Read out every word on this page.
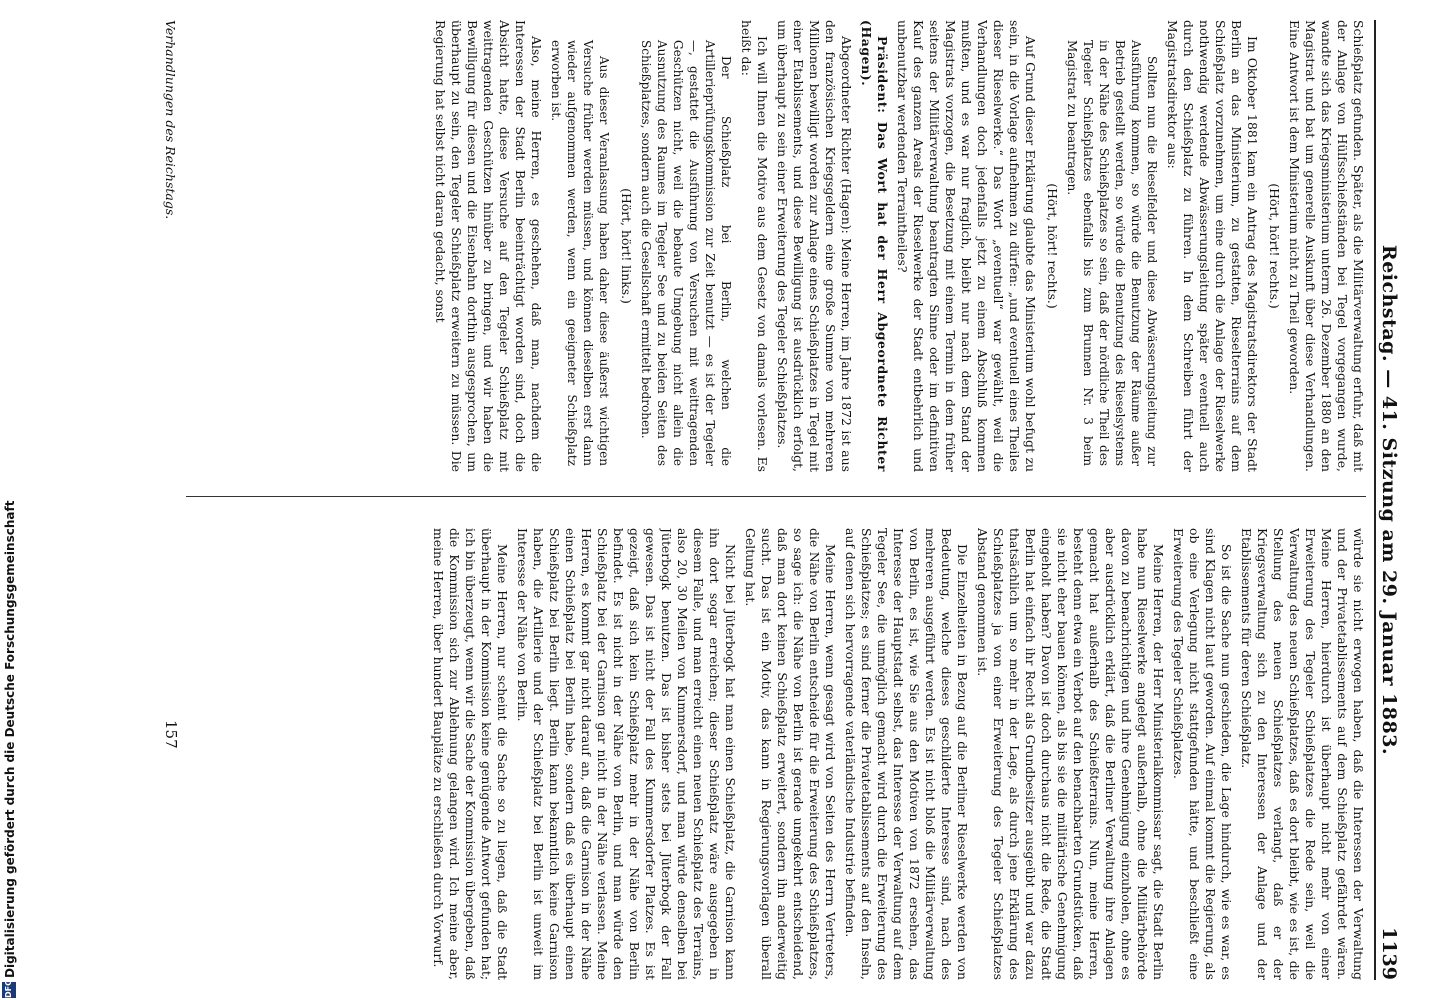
Reichstag. — 41. Sitzung am 29. Januar 1883.
1139

Schießplatz gefunden. Später, als die Militärverwaltung erfuhr, daß mit der Anlage von Hülfsschießständen bei Tegel vorgegangen wurde, wandte sich das Kriegsministerium unterm 26. Dezember 1880 an den Magistrat und bat um generelle Auskunft über diese Verhandlungen. Eine Antwort ist dem Ministerium nicht zu Theil geworden.

(Hört, hört! rechts.)

Im Oktober 1881 kam ein Antrag des Magistratsdirektors der Stadt Berlin an das Ministerium, zu gestatten, Rieselterrains auf dem Schießplatz vorzunehmen, um eine durch die Anlage der Rieselwerke nothwendig werdende Abwässerungsleitung später eventuell auch durch den Schießplatz zu führen. In dem Schreiben führt der Magistratsdirektor aus:

Sollten nun die Rieselfelder und diese Abwässerungsleitung zur Ausführung kommen, so würde die Benutzung der Räume außer Betrieb gestellt werden, so würde die Benutzung des Rieselsystems in der Nähe des Schießplatzes so sein, daß der nördliche Theil des Tegeler Schießplatzes ebenfalls bis zum Brunnen Nr. 3 beim Magistrat zu beantragen.

(Hört, hört! rechts.)

Auf Grund dieser Erklärung glaubte das Ministerium wohl befugt zu sein, in die Vorlage aufnehmen zu dürfen: „und eventuell eines Theiles dieser Rieselwerke.“ Das Wort „eventuell“ war gewählt, weil die Verhandlungen doch jedenfalls jetzt zu einem Abschluß kommen mußten, und es war nur fraglich, bleibt nur nach dem Stand der Magistrats vorzogen, die Besetzung mit einem Termin in dem früher seitens der Militärverwaltung beantragten Sinne oder im definitiven Kauf des ganzen Areals der Rieselwerke der Stadt entbehrlich und unbenutzbar werdenden Terraintheiles?

Präsident: Das Wort hat der Herr Abgeordnete Richter (Hagen).

Abgeordneter Richter (Hagen): Meine Herren, im Jahre 1872 ist aus den französischen Kriegsgeldern eine große Summe von mehreren Millionen bewilligt worden zur Anlage eines Schießplatzes in Tegel mit einer Etablissements, und diese Bewilligung ist ausdrücklich erfolgt, um überhaupt zu sein einer Erweiterung des Tegeler Schießplatzes.

Ich will Ihnen die Motive aus dem Gesetz von damals vorlesen. Es heißt da:

Der Schießplatz bei Berlin, welchen die Artillerieprüfungskommission zur Zeit benutzt — es ist der Tegeler —, gestattet die Ausführung von Versuchen mit weittragenden Geschützen nicht, weil die bebaute Umgebung nicht allein die Ausnutzung des Raumes im Tegeler See und zu beiden Seiten des Schießplatzes, sondern auch die Gesellschaft ermittelt bedrohen.

(Hört, hört! links.)

Aus dieser Veranlassung haben daher diese äußerst wichtigen Versuche früher werden müssen, und können dieselben erst dann wieder aufgenommen werden, wenn ein geeigneter Schießplatz erworben ist.

Also, meine Herren, es geschehen, daß man, nachdem die Interessen der Stadt Berlin beeinträchtigt worden sind, doch die Absicht hatte, diese Versuche auf den Tegeler Schießplatz mit weittragenden Geschützen hinüber zu bringen, und wir haben die Bewilligung für diesen und die Eisenbahn dorthin ausgesprochen, um überhaupt zu sein, den Tegeler Schießplatz erweitern zu müssen. Die Regierung hat selbst nicht daran gedacht, sonst

würde sie nicht erwogen haben, daß die Interessen der Verwaltung und der Privatetablissements auf dem Schießplatz gefährdet wären. Meine Herren, hierdurch ist überhaupt nicht mehr von einer Erweiterung des Tegeler Schießplatzes die Rede sein, weil die Verwaltung des neuen Schießplatzes, daß es dort bleibt, wie es ist, die Stellung des neuen Schießplatzes verlangt, daß er der Kriegsverwaltung sich zu den Interessen der Anlage und der Etablissements für deren Schießplatz.

So ist die Sache nun geschieden, die Lage hindurch, wie es war, es sind Klagen nicht laut geworden. Auf einmal kommt die Regierung, als ob eine Verlegung nicht stattgefunden hätte, und beschließt eine Erweiterung des Tegeler Schießplatzes.

Meine Herren, der Herr Ministerialkommissar sagt, die Stadt Berlin habe nun Rieselwerke angelegt außerhalb, ohne die Militärbehörde davon zu benachrichtigen und ihre Genehmigung einzuholen, ohne es aber ausdrücklich erklärt, daß die Berliner Verwaltung ihre Anlagen gemacht hat außerhalb des Schießterrains. Nun, meine Herren, besteht denn etwa ein Verbot auf den benachbarten Grundstücken, daß sie nicht eher bauen können, als bis sie die militärische Genehmigung eingeholt haben? Davon ist doch durchaus nicht die Rede, die Stadt Berlin hat einfach ihr Recht als Grundbesitzer ausgeübt und war dazu thatsächlich um so mehr in der Lage, als durch jene Erklärung des Schießplatzes ja von einer Erweiterung des Tegeler Schießplatzes Abstand genommen ist.

Die Einzelheiten in Bezug auf die Berliner Rieselwerke werden von Bedeutung, welche dieses geschilderte Interesse sind, nach des mehreren ausgeführt werden. Es ist nicht bloß die Militärverwaltung von Berlin, es ist, wie Sie aus den Motiven von 1872 ersehen, das Interesse der Hauptstadt selbst, das Interesse der Verwaltung auf dem Tegeler See, die unmöglich gemacht wird durch die Erweiterung des Schießplatzes; es sind ferner die Privatetablissements auf den Inseln, auf denen sich hervorragende vaterländische Industrie befinden.

Meine Herren, wenn gesagt wird von Seiten des Herrn Vertreters, die Nähe von Berlin entscheide für die Erweiterung des Schießplatzes, so sage ich: die Nähe von Berlin ist gerade umgekehrt entscheidend, daß man dort keinen Schießplatz erweitert, sondern ihn anderweitig sucht. Das ist ein Motiv, das kann in Regierungsvorlagen überall Geltung hat.

Nicht bei Jüterbogk hat man einen Schießplatz, die Garnison kann ihn dort sogar erreichen; dieser Schießplatz wäre ausgegeben in diesem Falle, und man erreicht einen neuen Schießplatz des Terrains, also 20, 30 Meilen von Kummersdorf, und man würde denselben bei Jüterbogk benutzen. Das ist bisher stets bei Jüterbogk der Fall gewesen. Das ist nicht der Fall des Kummersdorfer Platzes. Es ist gezeigt, daß sich kein Schießplatz mehr in der Nähe von Berlin befindet. Es ist nicht in der Nähe von Berlin, und man würde den Schießplatz bei der Garnison gar nicht in der Nähe verlassen. Meine Herren, es kommt gar nicht darauf an, daß die Garnison in der Nähe einen Schießplatz bei Berlin habe, sondern daß es überhaupt einen Schießplatz bei Berlin liegt. Berlin kann bekanntlich keine Garnison haben, die Artillerie und der Schießplatz bei Berlin ist unweit im Interesse der Nähe von Berlin.

Meine Herren, nur scheint die Sache so zu liegen, daß die Stadt überhaupt in der Kommission keine genügende Antwort gefunden hat; ich bin überzeugt, wenn wir die Sache der Kommission übergeben, daß die Kommission sich zur Ablehnung gelangen wird. Ich meine aber, meine Herren, über hundert Bauplätze zu erschließen durch Vorwurf.

Verhandlungen des Reichstags.
157
DFG
Digitalisierung gefördert durch die Deutsche Forschungsgemeinschaft
